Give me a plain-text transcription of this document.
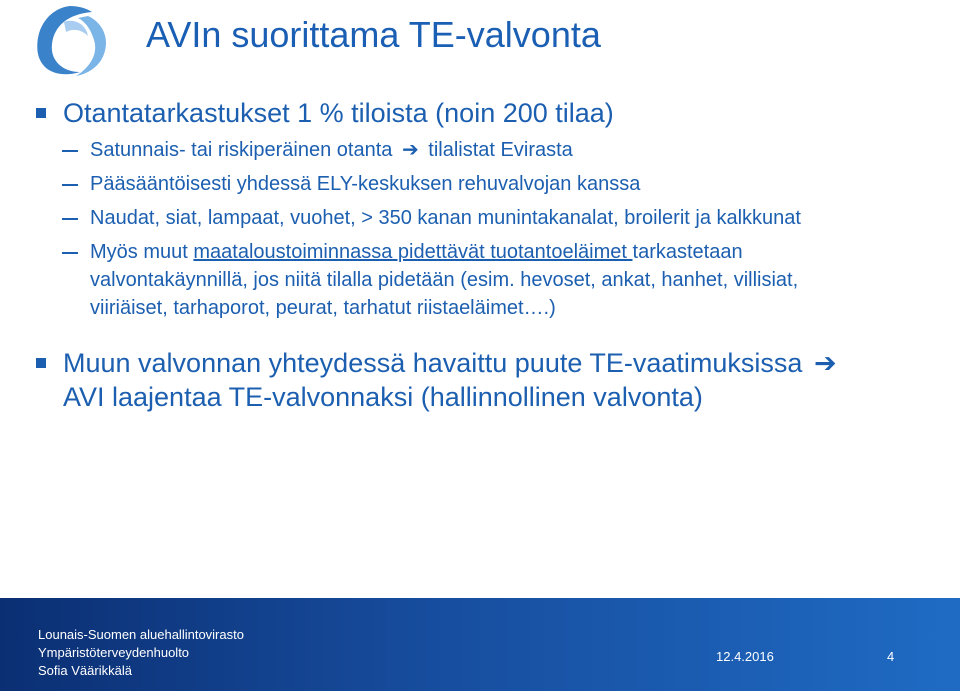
AVIn suorittama TE-valvonta
Otantatarkastukset 1 % tiloista (noin 200 tilaa)
Satunnais- tai riskiperäinen otanta ➔ tilalistat Evirasta
Pääsääntöisesti yhdessä ELY-keskuksen rehuvalvojan kanssa
Naudat, siat, lampaat, vuohet, > 350 kanan munintakanalat, broilerit ja kalkkunat
Myös muut maataloustoiminnassa pidettävät tuotantoeläimet tarkastetaan valvontakäynnillä, jos niitä tilalla pidetään (esim. hevoset, ankat, hanhet, villisiat, viiriäiset, tarhaporot, peurat, tarhatut riistaeläimet….)
Muun valvonnan yhteydessä havaittu puute TE-vaatimuksissa ➔
AVI laajentaa TE-valvonnaksi (hallinnollinen valvonta)
Lounais-Suomen aluehallintovirasto
Ympäristöterveydenhuolto
Sofia Väärikkälä
12.4.2016	4
